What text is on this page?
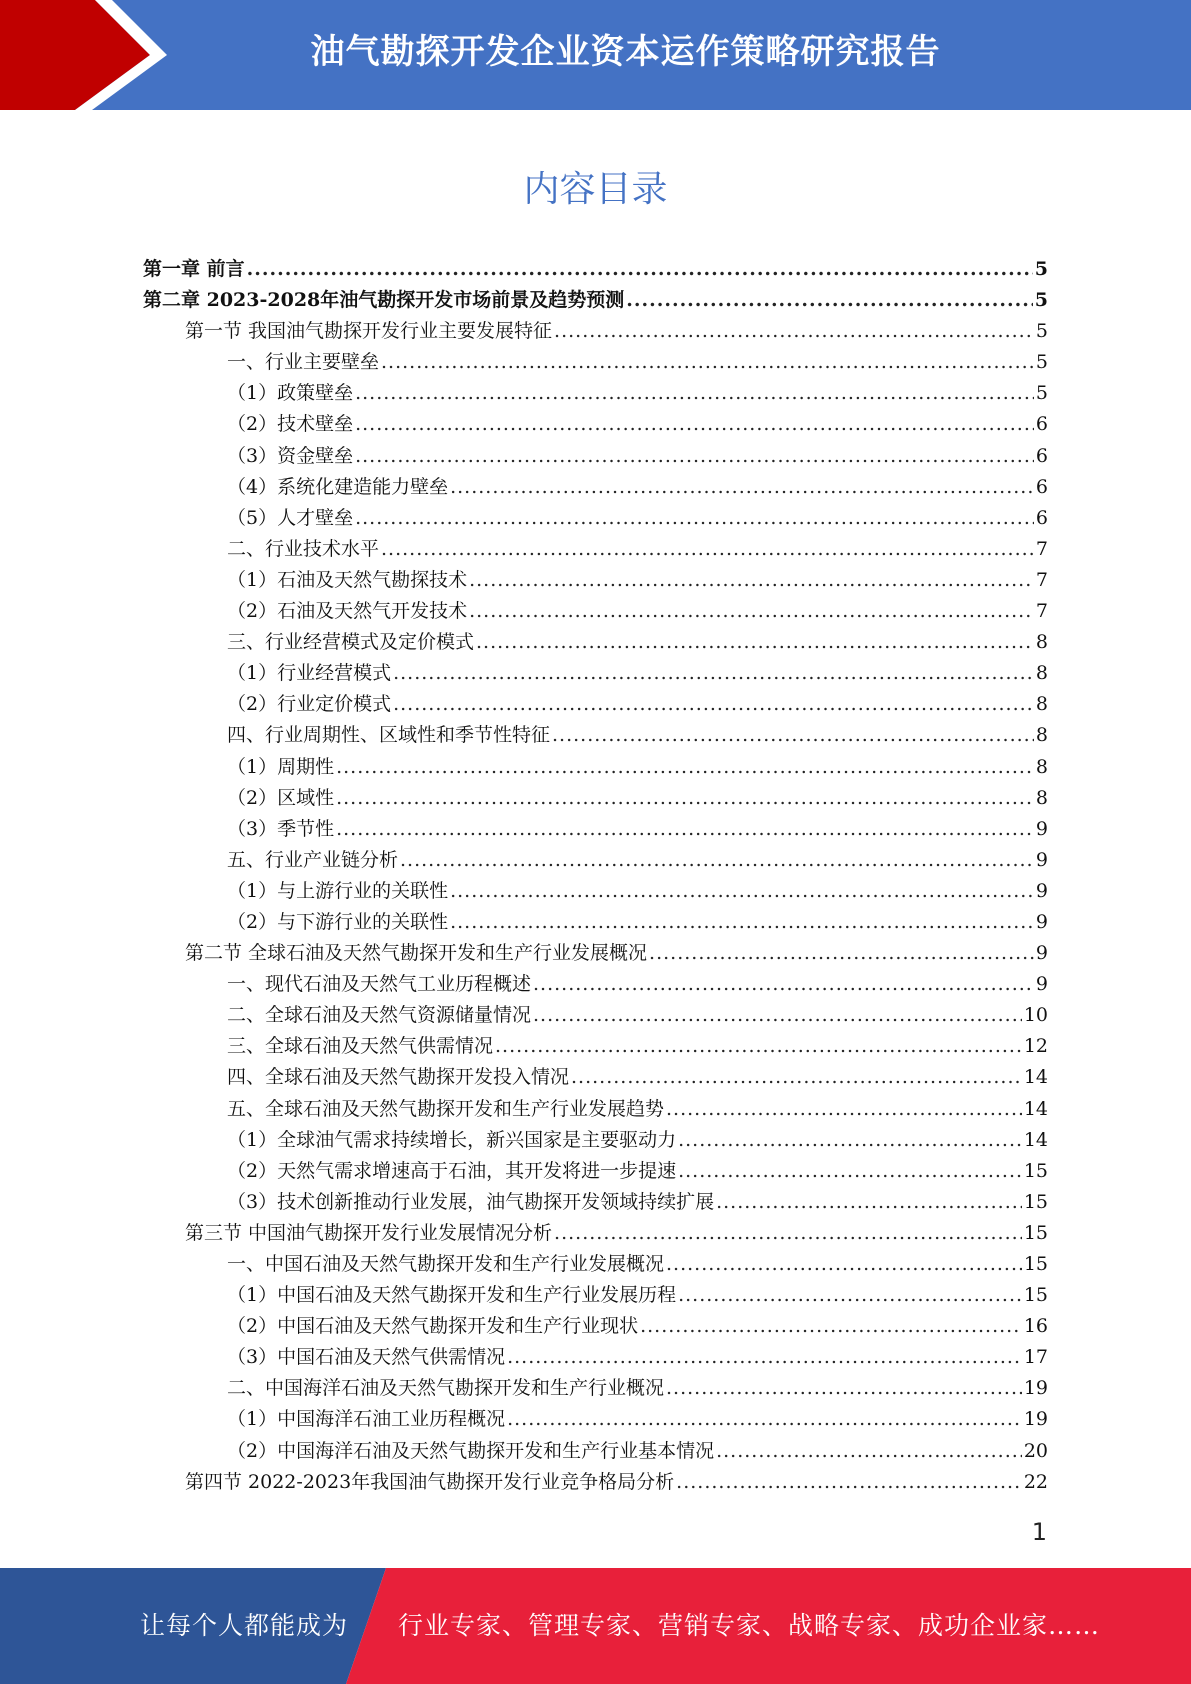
油气勘探开发企业资本运作策略研究报告
内容目录
第一章 前言 .....	5
第二章 2023-2028年油气勘探开发市场前景及趋势预测 .....	5
第一节 我国油气勘探开发行业主要发展特征 .....	5
一、行业主要壁垒 .....	5
（1）政策壁垒 .....	5
（2）技术壁垒 .....	6
（3）资金壁垒 .....	6
（4）系统化建造能力壁垒 .....	6
（5）人才壁垒 .....	6
二、行业技术水平 .....	7
（1）石油及天然气勘探技术 .....	7
（2）石油及天然气开发技术 .....	7
三、行业经营模式及定价模式 .....	8
（1）行业经营模式 .....	8
（2）行业定价模式 .....	8
四、行业周期性、区域性和季节性特征 .....	8
（1）周期性 .....	8
（2）区域性 .....	8
（3）季节性 .....	9
五、行业产业链分析 .....	9
（1）与上游行业的关联性 .....	9
（2）与下游行业的关联性 .....	9
第二节 全球石油及天然气勘探开发和生产行业发展概况 .....	9
一、现代石油及天然气工业历程概述 .....	9
二、全球石油及天然气资源储量情况 .....	10
三、全球石油及天然气供需情况 .....	12
四、全球石油及天然气勘探开发投入情况 .....	14
五、全球石油及天然气勘探开发和生产行业发展趋势 .....	14
（1）全球油气需求持续增长，新兴国家是主要驱动力 .....	14
（2）天然气需求增速高于石油，其开发将进一步提速 .....	15
（3）技术创新推动行业发展，油气勘探开发领域持续扩展 .....	15
第三节 中国油气勘探开发行业发展情况分析 .....	15
一、中国石油及天然气勘探开发和生产行业发展概况 .....	15
（1）中国石油及天然气勘探开发和生产行业发展历程 .....	15
（2）中国石油及天然气勘探开发和生产行业现状 .....	16
（3）中国石油及天然气供需情况 .....	17
二、中国海洋石油及天然气勘探开发和生产行业概况 .....	19
（1）中国海洋石油工业历程概况 .....	19
（2）中国海洋石油及天然气勘探开发和生产行业基本情况 .....	20
第四节 2022-2023年我国油气勘探开发行业竞争格局分析 .....	22
1
让每个人都能成为 行业专家、管理专家、营销专家、战略专家、成功企业家……
